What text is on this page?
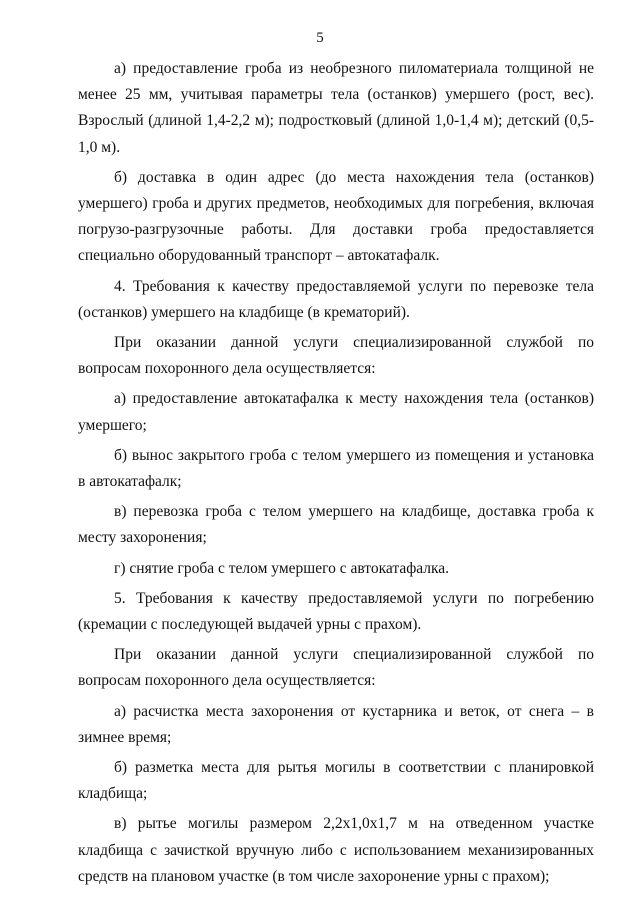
5

а) предоставление гроба из необрезного пиломатериала толщиной не менее 25 мм, учитывая параметры тела (останков) умершего (рост, вес). Взрослый (длиной 1,4-2,2 м); подростковый (длиной 1,0-1,4 м); детский (0,5-1,0 м).

б) доставка в один адрес (до места нахождения тела (останков) умершего) гроба и других предметов, необходимых для погребения, включая погрузо-разгрузочные работы. Для доставки гроба предоставляется специально оборудованный транспорт – автокатафалк.

4. Требования к качеству предоставляемой услуги по перевозке тела (останков) умершего на кладбище (в крематорий).

При оказании данной услуги специализированной службой по вопросам похоронного дела осуществляется:

а) предоставление автокатафалка к месту нахождения тела (останков) умершего;

б) вынос закрытого гроба с телом умершего из помещения и установка в автокатафалк;

в) перевозка гроба с телом умершего на кладбище, доставка гроба к месту захоронения;

г) снятие гроба с телом умершего с автокатафалка.

5. Требования к качеству предоставляемой услуги по погребению (кремации с последующей выдачей урны с прахом).

При оказании данной услуги специализированной службой по вопросам похоронного дела осуществляется:

а) расчистка места захоронения от кустарника и веток, от снега – в зимнее время;

б) разметка места для рытья могилы в соответствии с планировкой кладбища;

в) рытье могилы размером 2,2х1,0х1,7 м на отведенном участке кладбища с зачисткой вручную либо с использованием механизированных средств на плановом участке (в том числе захоронение урны с прахом);
